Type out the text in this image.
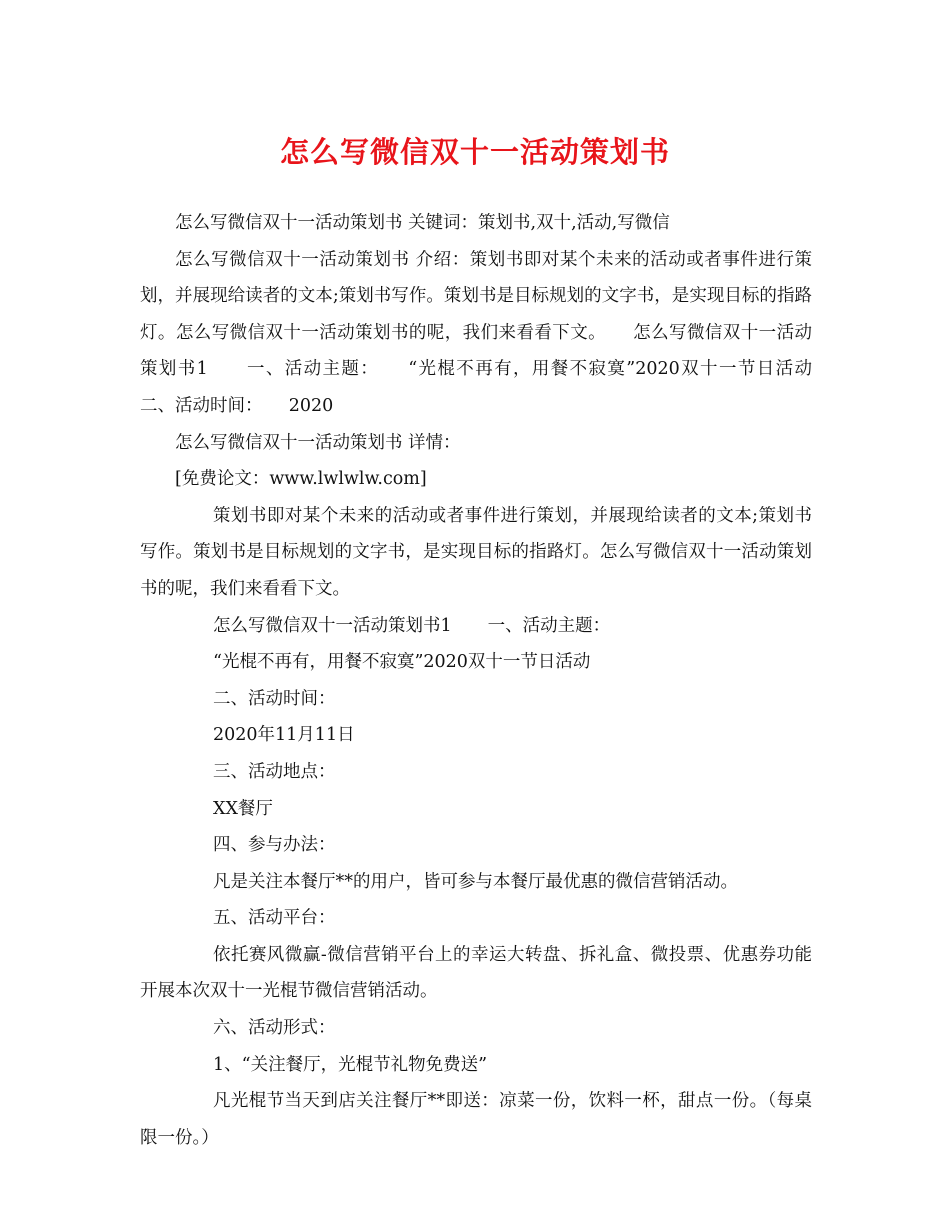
怎么写微信双十一活动策划书

怎么写微信双十一活动策划书 关键词：策划书,双十,活动,写微信

怎么写微信双十一活动策划书 介绍：策划书即对某个未来的活动或者事件进行策划，并展现给读者的文本;策划书写作。策划书是目标规划的文字书，是实现目标的指路灯。怎么写微信双十一活动策划书的呢，我们来看看下文。　　怎么写微信双十一活动策划书1　　一、活动主题：　　“光棍不再有，用餐不寂寞”2020双十一节日活动　　二、活动时间：　　2020

怎么写微信双十一活动策划书 详情：

[免费论文：www.lwlwlw.com]

策划书即对某个未来的活动或者事件进行策划，并展现给读者的文本;策划书写作。策划书是目标规划的文字书，是实现目标的指路灯。怎么写微信双十一活动策划书的呢，我们来看看下文。

怎么写微信双十一活动策划书1 一、活动主题：

“光棍不再有，用餐不寂寞”2020双十一节日活动

二、活动时间：

2020年11月11日

三、活动地点：

XX餐厅

四、参与办法：

凡是关注本餐厅**的用户，皆可参与本餐厅最优惠的微信营销活动。

五、活动平台：

依托赛风微赢-微信营销平台上的幸运大转盘、拆礼盒、微投票、优惠券功能开展本次双十一光棍节微信营销活动。

六、活动形式：

1、“关注餐厅，光棍节礼物免费送”

凡光棍节当天到店关注餐厅**即送：凉菜一份，饮料一杯，甜点一份。（每桌限一份。）
